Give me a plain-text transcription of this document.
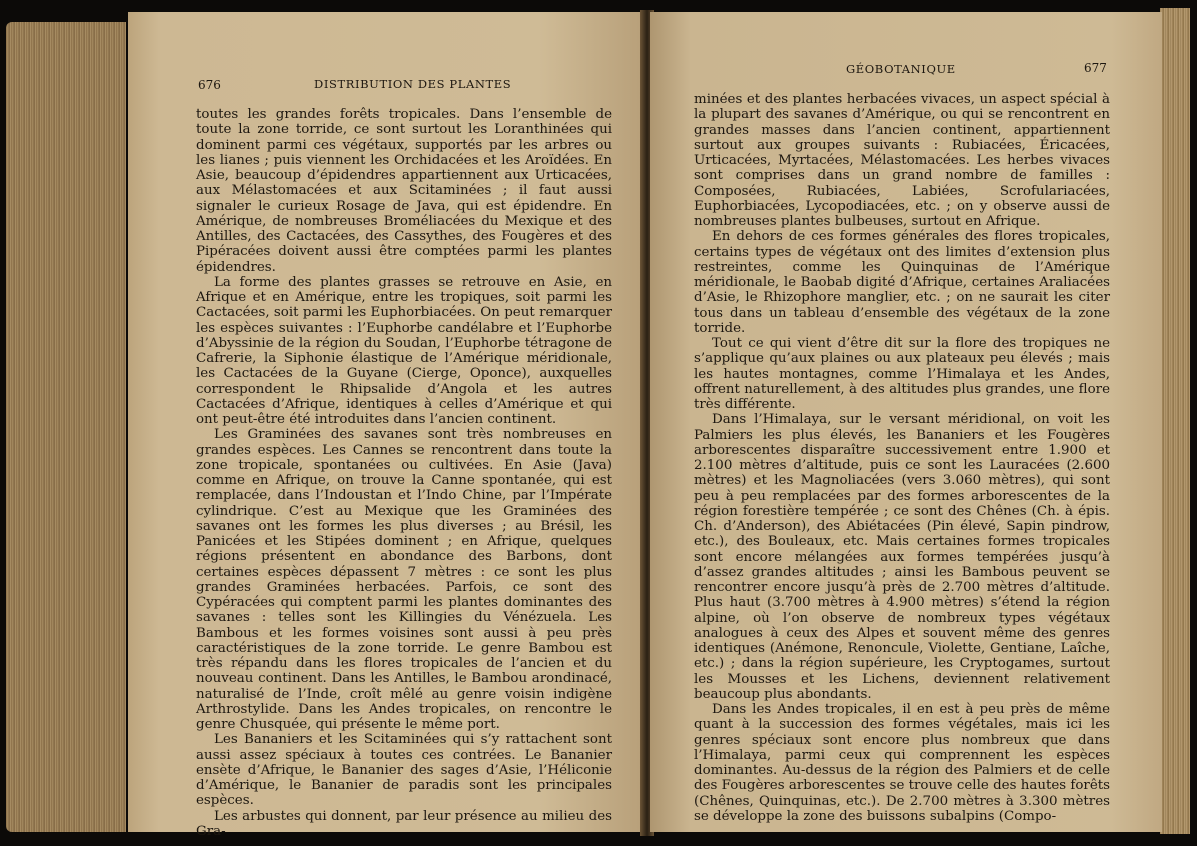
676	DISTRIBUTION DES PLANTES

toutes les grandes forêts tropicales. Dans l’ensemble de toute la zone torride, ce sont surtout les Loranthinées qui dominent parmi ces végétaux, supportés par les arbres ou les lianes ; puis viennent les Orchidacées et les Aroïdées. En Asie, beaucoup d’épidendres appartiennent aux Urticacées, aux Mélastomacées et aux Scitaminées ; il faut aussi signaler le curieux Rosage de Java, qui est épidendre. En Amérique, de nombreuses Broméliacées du Mexique et des Antilles, des Cactacées, des Cassythes, des Fougères et des Pipéracées doivent aussi être comptées parmi les plantes épidendres.

La forme des plantes grasses se retrouve en Asie, en Afrique et en Amérique, entre les tropiques, soit parmi les Cactacées, soit parmi les Euphorbiacées. On peut remarquer les espèces suivantes : l’Euphorbe candélabre et l’Euphorbe d’Abyssinie de la région du Soudan, l’Euphorbe tétragone de Cafrerie, la Siphonie élastique de l’Amérique méridionale, les Cactacées de la Guyane (Cierge, Oponce), auxquelles correspondent le Rhipsalide d’Angola et les autres Cactacées d’Afrique, identiques à celles d’Amérique et qui ont peut-être été introduites dans l’ancien continent.

Les Graminées des savanes sont très nombreuses en grandes espèces. Les Cannes se rencontrent dans toute la zone tropicale, spontanées ou cultivées. En Asie (Java) comme en Afrique, on trouve la Canne spontanée, qui est remplacée, dans l’Indoustan et l’Indo Chine, par l’Impérate cylindrique. C’est au Mexique que les Graminées des savanes ont les formes les plus diverses ; au Brésil, les Panicées et les Stipées dominent ; en Afrique, quelques régions présentent en abondance des Barbons, dont certaines espèces dépassent 7 mètres : ce sont les plus grandes Graminées herbacées. Parfois, ce sont des Cypéracées qui comptent parmi les plantes dominantes des savanes : telles sont les Killingies du Vénézuela. Les Bambous et les formes voisines sont aussi à peu près caractéristiques de la zone torride. Le genre Bambou est très répandu dans les flores tropicales de l’ancien et du nouveau continent. Dans les Antilles, le Bambou arondinacé, naturalisé de l’Inde, croît mêlé au genre voisin indigène Arthrostylide. Dans les Andes tropicales, on rencontre le genre Chusquée, qui présente le même port.

Les Bananiers et les Scitaminées qui s’y rattachent sont aussi assez spéciaux à toutes ces contrées. Le Bananier ensète d’Afrique, le Bananier des sages d’Asie, l’Héliconie d’Amérique, le Bananier de paradis sont les principales espèces.

Les arbustes qui donnent, par leur présence au milieu des Gra-

GÉOBOTANIQUE	677

minées et des plantes herbacées vivaces, un aspect spécial à la plupart des savanes d’Amérique, ou qui se rencontrent en grandes masses dans l’ancien continent, appartiennent surtout aux groupes suivants : Rubiacées, Éricacées, Urticacées, Myrtacées, Mélastomacées. Les herbes vivaces sont comprises dans un grand nombre de familles : Composées, Rubiacées, Labiées, Scrofulariacées, Euphorbiacées, Lycopodiacées, etc. ; on y observe aussi de nombreuses plantes bulbeuses, surtout en Afrique.

En dehors de ces formes générales des flores tropicales, certains types de végétaux ont des limites d’extension plus restreintes, comme les Quinquinas de l’Amérique méridionale, le Baobab digité d’Afrique, certaines Araliacées d’Asie, le Rhizophore manglier, etc. ; on ne saurait les citer tous dans un tableau d’ensemble des végétaux de la zone torride.

Tout ce qui vient d’être dit sur la flore des tropiques ne s’applique qu’aux plaines ou aux plateaux peu élevés ; mais les hautes montagnes, comme l’Himalaya et les Andes, offrent naturellement, à des altitudes plus grandes, une flore très différente.

Dans l’Himalaya, sur le versant méridional, on voit les Palmiers les plus élevés, les Bananiers et les Fougères arborescentes disparaître successivement entre 1.900 et 2.100 mètres d’altitude, puis ce sont les Lauracées (2.600 mètres) et les Magnoliacées (vers 3.060 mètres), qui sont peu à peu remplacées par des formes arborescentes de la région forestière tempérée ; ce sont des Chênes (Ch. à épis. Ch. d’Anderson), des Abiétacées (Pin élevé, Sapin pindrow, etc.), des Bouleaux, etc. Mais certaines formes tropicales sont encore mélangées aux formes tempérées jusqu’à d’assez grandes altitudes ; ainsi les Bambous peuvent se rencontrer encore jusqu’à près de 2.700 mètres d’altitude. Plus haut (3.700 mètres à 4.900 mètres) s’étend la région alpine, où l’on observe de nombreux types végétaux analogues à ceux des Alpes et souvent même des genres identiques (Anémone, Renoncule, Violette, Gentiane, Laîche, etc.) ; dans la région supérieure, les Cryptogames, surtout les Mousses et les Lichens, deviennent relativement beaucoup plus abondants.

Dans les Andes tropicales, il en est à peu près de même quant à la succession des formes végétales, mais ici les genres spéciaux sont encore plus nombreux que dans l’Himalaya, parmi ceux qui comprennent les espèces dominantes. Au-dessus de la région des Palmiers et de celle des Fougères arborescentes se trouve celle des hautes forêts (Chênes, Quinquinas, etc.). De 2.700 mètres à 3.300 mètres se développe la zone des buissons subalpins (Compo-
